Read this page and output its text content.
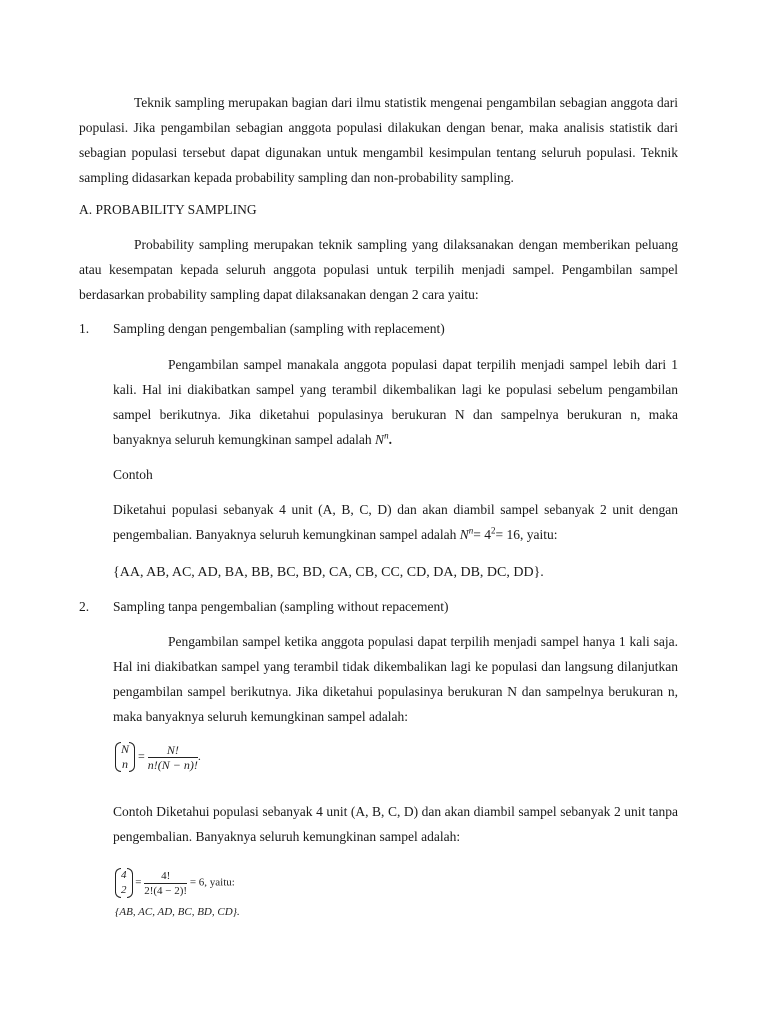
Teknik sampling merupakan bagian dari ilmu statistik mengenai pengambilan sebagian anggota dari populasi. Jika pengambilan sebagian anggota populasi dilakukan dengan benar, maka analisis statistik dari sebagian populasi tersebut dapat digunakan untuk mengambil kesimpulan tentang seluruh populasi. Teknik sampling didasarkan kepada probability sampling dan non-probability sampling.

A. PROBABILITY SAMPLING

Probability sampling merupakan teknik sampling yang dilaksanakan dengan memberikan peluang atau kesempatan kepada seluruh anggota populasi untuk terpilih menjadi sampel. Pengambilan sampel berdasarkan probability sampling dapat dilaksanakan dengan 2 cara yaitu:

1. Sampling dengan pengembalian (sampling with replacement)

Pengambilan sampel manakala anggota populasi dapat terpilih menjadi sampel lebih dari 1 kali. Hal ini diakibatkan sampel yang terambil dikembalikan lagi ke populasi sebelum pengambilan sampel berikutnya. Jika diketahui populasinya berukuran N dan sampelnya berukuran n, maka banyaknya seluruh kemungkinan sampel adalah $N^n$.

Contoh

Diketahui populasi sebanyak 4 unit (A, B, C, D) dan akan diambil sampel sebanyak 2 unit dengan pengembalian. Banyaknya seluruh kemungkinan sampel adalah $N^n= 4^2= 16$, yaitu:

{AA, AB, AC, AD, BA, BB, BC, BD, CA, CB, CC, CD, DA, DB, DC, DD}.
2. Sampling tanpa pengembalian (sampling without repacement)

Pengambilan sampel ketika anggota populasi dapat terpilih menjadi sampel hanya 1 kali saja. Hal ini diakibatkan sampel yang terambil tidak dikembalikan lagi ke populasi dan langsung dilanjutkan pengambilan sampel berikutnya. Jika diketahui populasinya berukuran N dan sampelnya berukuran n, maka banyaknya seluruh kemungkinan sampel adalah:

N
n
= $\frac{N!}{n!(N - n)!}$ .

Contoh Diketahui populasi sebanyak 4 unit (A, B, C, D) dan akan diambil sampel sebanyak 2 unit tanpa pengembalian. Banyaknya seluruh kemungkinan sampel adalah:

4
2
= $\frac{4!}{2!(4 - 2)!} = 6$, yaitu:
{AB, AC, AD, BC, BD, CD}.
